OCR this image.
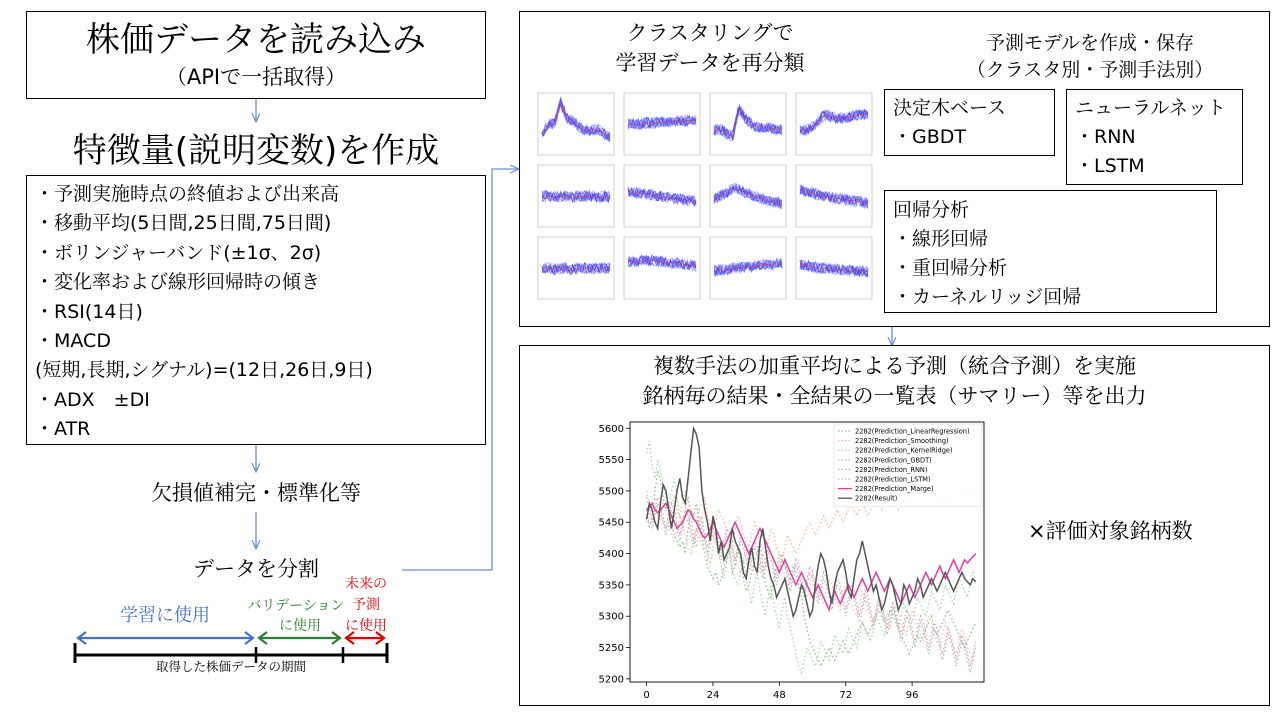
株価データを読み込み
（APIで一括取得）
特徴量(説明変数)を作成
・予測実施時点の終値および出来高
・移動平均(5日間,25日間,75日間)
・ボリンジャーバンド(±1σ、2σ)
・変化率および線形回帰時の傾き
・RSI(14日)
・MACD
(短期,長期,シグナル)=(12日,26日,9日)
・ADX　±DI
・ATR
欠損値補完・標準化等
データを分割
学習に使用	バリデーション
に使用
未来の
予測
に使用
取得した株価データの期間
クラスタリングで
学習データを再分類
予測モデルを作成・保存
（クラスタ別・予測手法別）
決定木ベース
・GBDT
ニューラルネット
・RNN
・LSTM
回帰分析
・線形回帰
・重回帰分析
・カーネルリッジ回帰
複数手法の加重平均による予測（統合予測）を実施
銘柄毎の結果・全結果の一覧表（サマリー）等を出力
×評価対象銘柄数
5200
5250
5300
5350
5400
5450
5500
5550
5600
0	24	48	72	96
2282(Prediction_LinearRegression)
2282(Prediction_Smoothing)
2282(Prediction_KernelRidge)
2282(Prediction_GBDT)
2282(Prediction_RNN)
2282(Prediction_LSTM)
2282(Prediction_Marge)
2282(Result)
